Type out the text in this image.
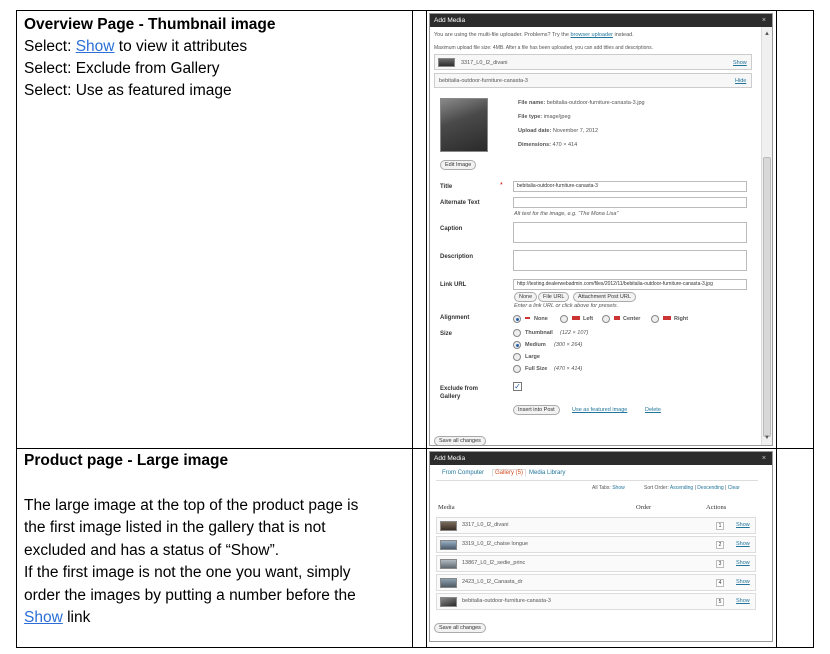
Overview Page - Thumbnail image
Select: Show to view it attributes
Select: Exclude from Gallery
Select: Use as featured image
Product page - Large image
The large image at the top of the product page is
the first image listed in the gallery that is not
excluded and has a status of “Show”.
If the first image is not the one you want, simply
order the images by putting a number before the
Show link
Add Media	×
▲
▼
You are using the multi-file uploader. Problems? Try the browser uploader instead.
Maximum upload file size: 4MB. After a file has been uploaded, you can add titles and descriptions.
3317_L0_I2_divani	Show
bebitalia-outdoor-furniture-canasta-3	Hide
File name: bebitalia-outdoor-furniture-canasta-3.jpg
File type: image/jpeg
Upload date: November 7, 2012
Dimensions: 470 × 414
Edit Image
Title	*	bebitalia-outdoor-furniture-canasta-3
Alternate Text
Alt text for the image, e.g. “The Mona Lisa”
Caption
Description
Link URL	http://testing.dealerwebadmin.com/files/2012/11/bebitalia-outdoor-furniture-canasta-3.jpg
None	File URL	Attachment Post URL
Enter a link URL or click above for presets.
Alignment	None	Left	Center	Right
Size	Thumbnail (122 × 107)
Medium (300 × 264)
Large
Full Size (470 × 414)
Exclude from Gallery
✓
Insert into Post	Use as featured image	Delete
Save all changes
Add Media	×
From Computer	Gallery (5) Media Library
All Tabs: Show	Sort Order: Ascending | Descending | Clear
Media	Order	Actions
3317_L0_I2_divani	1	Show
3319_L0_I2_chaise longue	2	Show
13867_L0_I2_sedie_princ	3	Show
2423_L0_I2_Canasta_dr	4	Show
bebitalia-outdoor-furniture-canasta-3	5	Show
Save all changes
